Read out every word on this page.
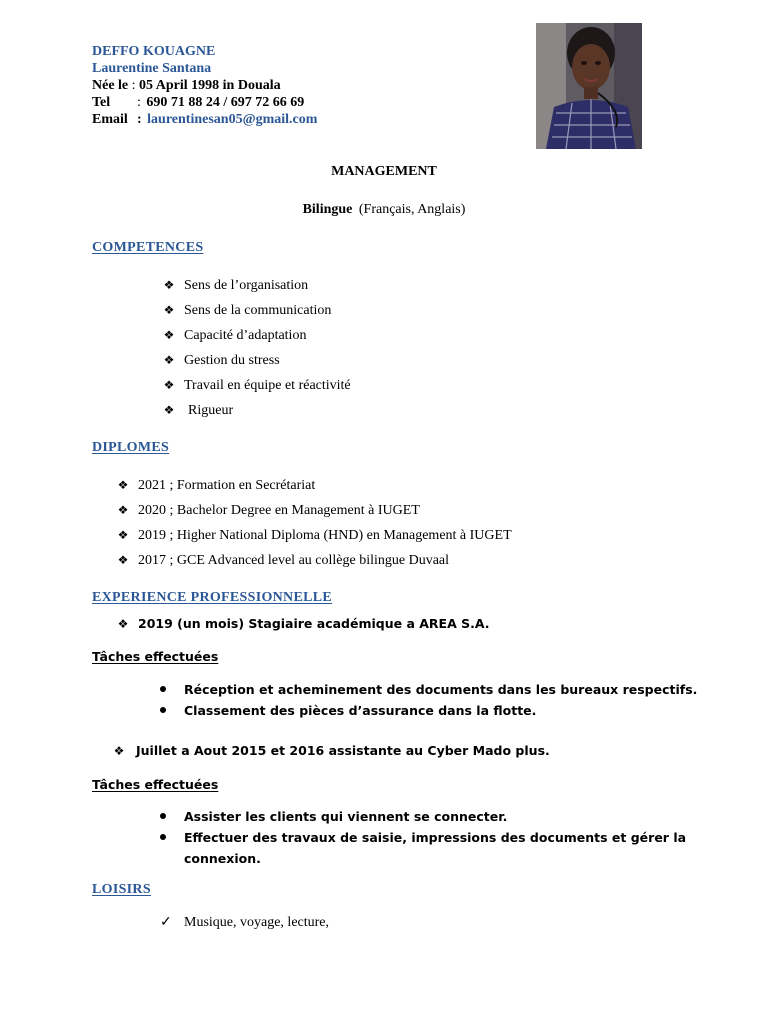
DEFFO KOUAGNE
Laurentine Santana
Née le : 05 April 1998 in Douala
Tel : 690 71 88 24 / 697 72 66 69
Email : laurentinesan05@gmail.com
MANAGEMENT
Bilingue (Français, Anglais)
COMPETENCES
❖ Sens de l’organisation
❖ Sens de la communication
❖ Capacité d’adaptation
❖ Gestion du stress
❖ Travail en équipe et réactivité
❖ Rigueur
DIPLOMES
❖ 2021 ; Formation en Secrétariat
❖ 2020 ; Bachelor Degree en Management à IUGET
❖ 2019 ; Higher National Diploma (HND) en Management à IUGET
❖ 2017 ; GCE Advanced level au collège bilingue Duvaal
EXPERIENCE PROFESSIONNELLE
❖ 2019 (un mois) Stagiaire académique a AREA S.A.
Tâches effectuées
Réception et acheminement des documents dans les bureaux respectifs.
Classement des pièces d’assurance dans la flotte.
❖ Juillet a Aout 2015 et 2016 assistante au Cyber Mado plus.
Tâches effectuées
Assister les clients qui viennent se connecter.
Effectuer des travaux de saisie, impressions des documents et gérer la
connexion.
LOISIRS
✓ Musique, voyage, lecture,
